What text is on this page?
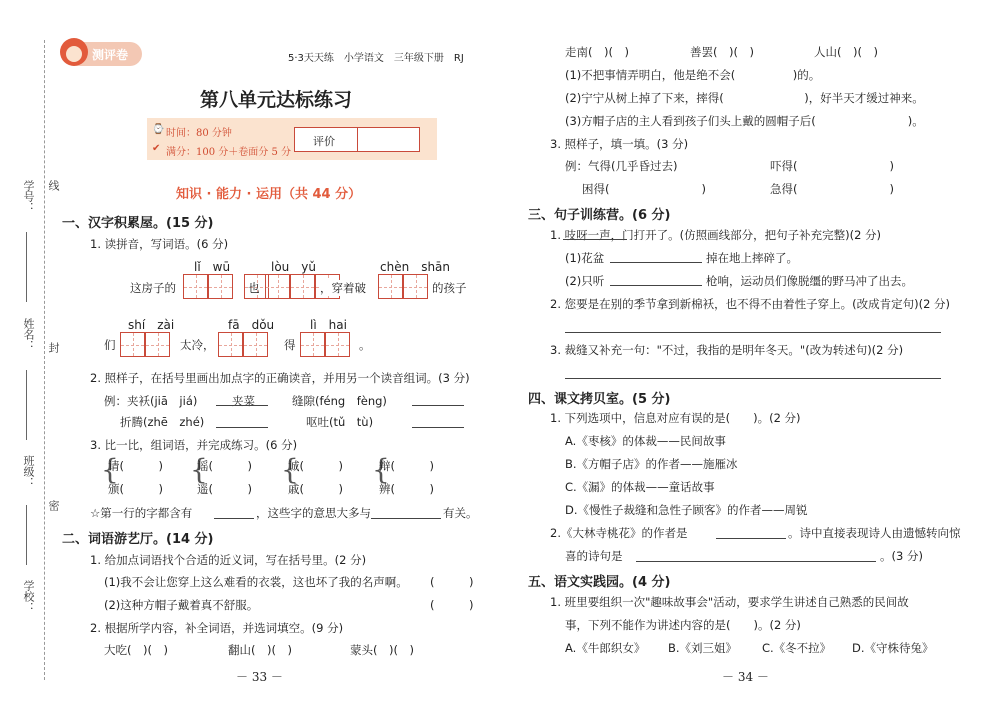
学号：
姓名：
班级：
学校：
线
封
密
测评卷	5·3天天练　小学语文　三年级下册　RJ
第八单元达标练习
⌚ 时间：80 分钟
✔ 满分：100 分＋卷面分 5 分
评价
知识 · 能力 · 运用（共 44 分）
一、汉字积累屋。(15 分)
1. 读拼音，写词语。(6 分)
lǐ　wū	lòu　yǔ	chèn　shān
这房子的	也	，穿着破	的孩子
shí　zài	fā　dǒu	lì　hai
们	太冷，	得	。
2. 照样子，在括号里画出加点字的正确读音，并用另一个读音组词。(3 分)
例：夹袄(jiā　jiá)	夹菜	缝隙(féng　fèng)
折腾(zhē　zhé)	呕吐(tǔ　tù)
3. 比一比，组词语，并完成练习。(6 分)
{
请(　　　)
颁(　　　)
{
谣(　　　)
遥(　　　)
{
诚(　　　)
戚(　　　)
{
辩(　　　)
辨(　　　)
☆第一行的字都含有	，这些字的意思大多与	有关。
二、词语游艺厅。(14 分)
1. 给加点词语找个合适的近义词，写在括号里。(2 分)
(1)我不会让您穿上这么难看的衣裳，这也坏了我的名声啊。 (　　　)
(2)这种方帽子戴着真不舒服。	(　　　)
2. 根据所学内容，补全词语，并选词填空。(9 分)
大吃(　)(　)	翻山(　)(　)	蒙头(　)(　)
－ 33 －
走南(　)(　)	善罢(　)(　)	人山(　)(　)
(1)不把事情弄明白，他是绝不会(　　　　　)的。
(2)宁宁从树上掉了下来，摔得(　　　　　　　)，好半天才缓过神来。
(3)方帽子店的主人看到孩子们头上戴的圆帽子后(　　　　　　　　)。
3. 照样子，填一填。(3 分)
例：气得(几乎昏过去)	吓得(　　　　　　　　)
困得(　　　　　　　　)	急得(　　　　　　　　)
三、句子训练营。(6 分)
1. 吱呀一声，门打开了。(仿照画线部分，把句子补充完整)(2 分)
(1)花盆	掉在地上摔碎了。
(2)只听	枪响，运动员们像脱缰的野马冲了出去。
2. 您要是在别的季节拿到新棉袄，也不得不由着性子穿上。(改成肯定句)(2 分)
3. 裁缝又补充一句："不过，我指的是明年冬天。"(改为转述句)(2 分)
四、课文拷贝室。(5 分)
1. 下列选项中，信息对应有误的是(　　)。(2 分)
A.《枣核》的体裁——民间故事
B.《方帽子店》的作者——施雁冰
C.《漏》的体裁——童话故事
D.《慢性子裁缝和急性子顾客》的作者——周锐
2.《大林寺桃花》的作者是	。诗中直接表现诗人由遗憾转向惊
喜的诗句是	。(3 分)
五、语文实践园。(4 分)
1. 班里要组织一次"趣味故事会"活动，要求学生讲述自己熟悉的民间故
事，下列不能作为讲述内容的是(　　)。(2 分)
A.《牛郎织女》 B.《刘三姐》 C.《冬不拉》 D.《守株待兔》
－ 34 －
